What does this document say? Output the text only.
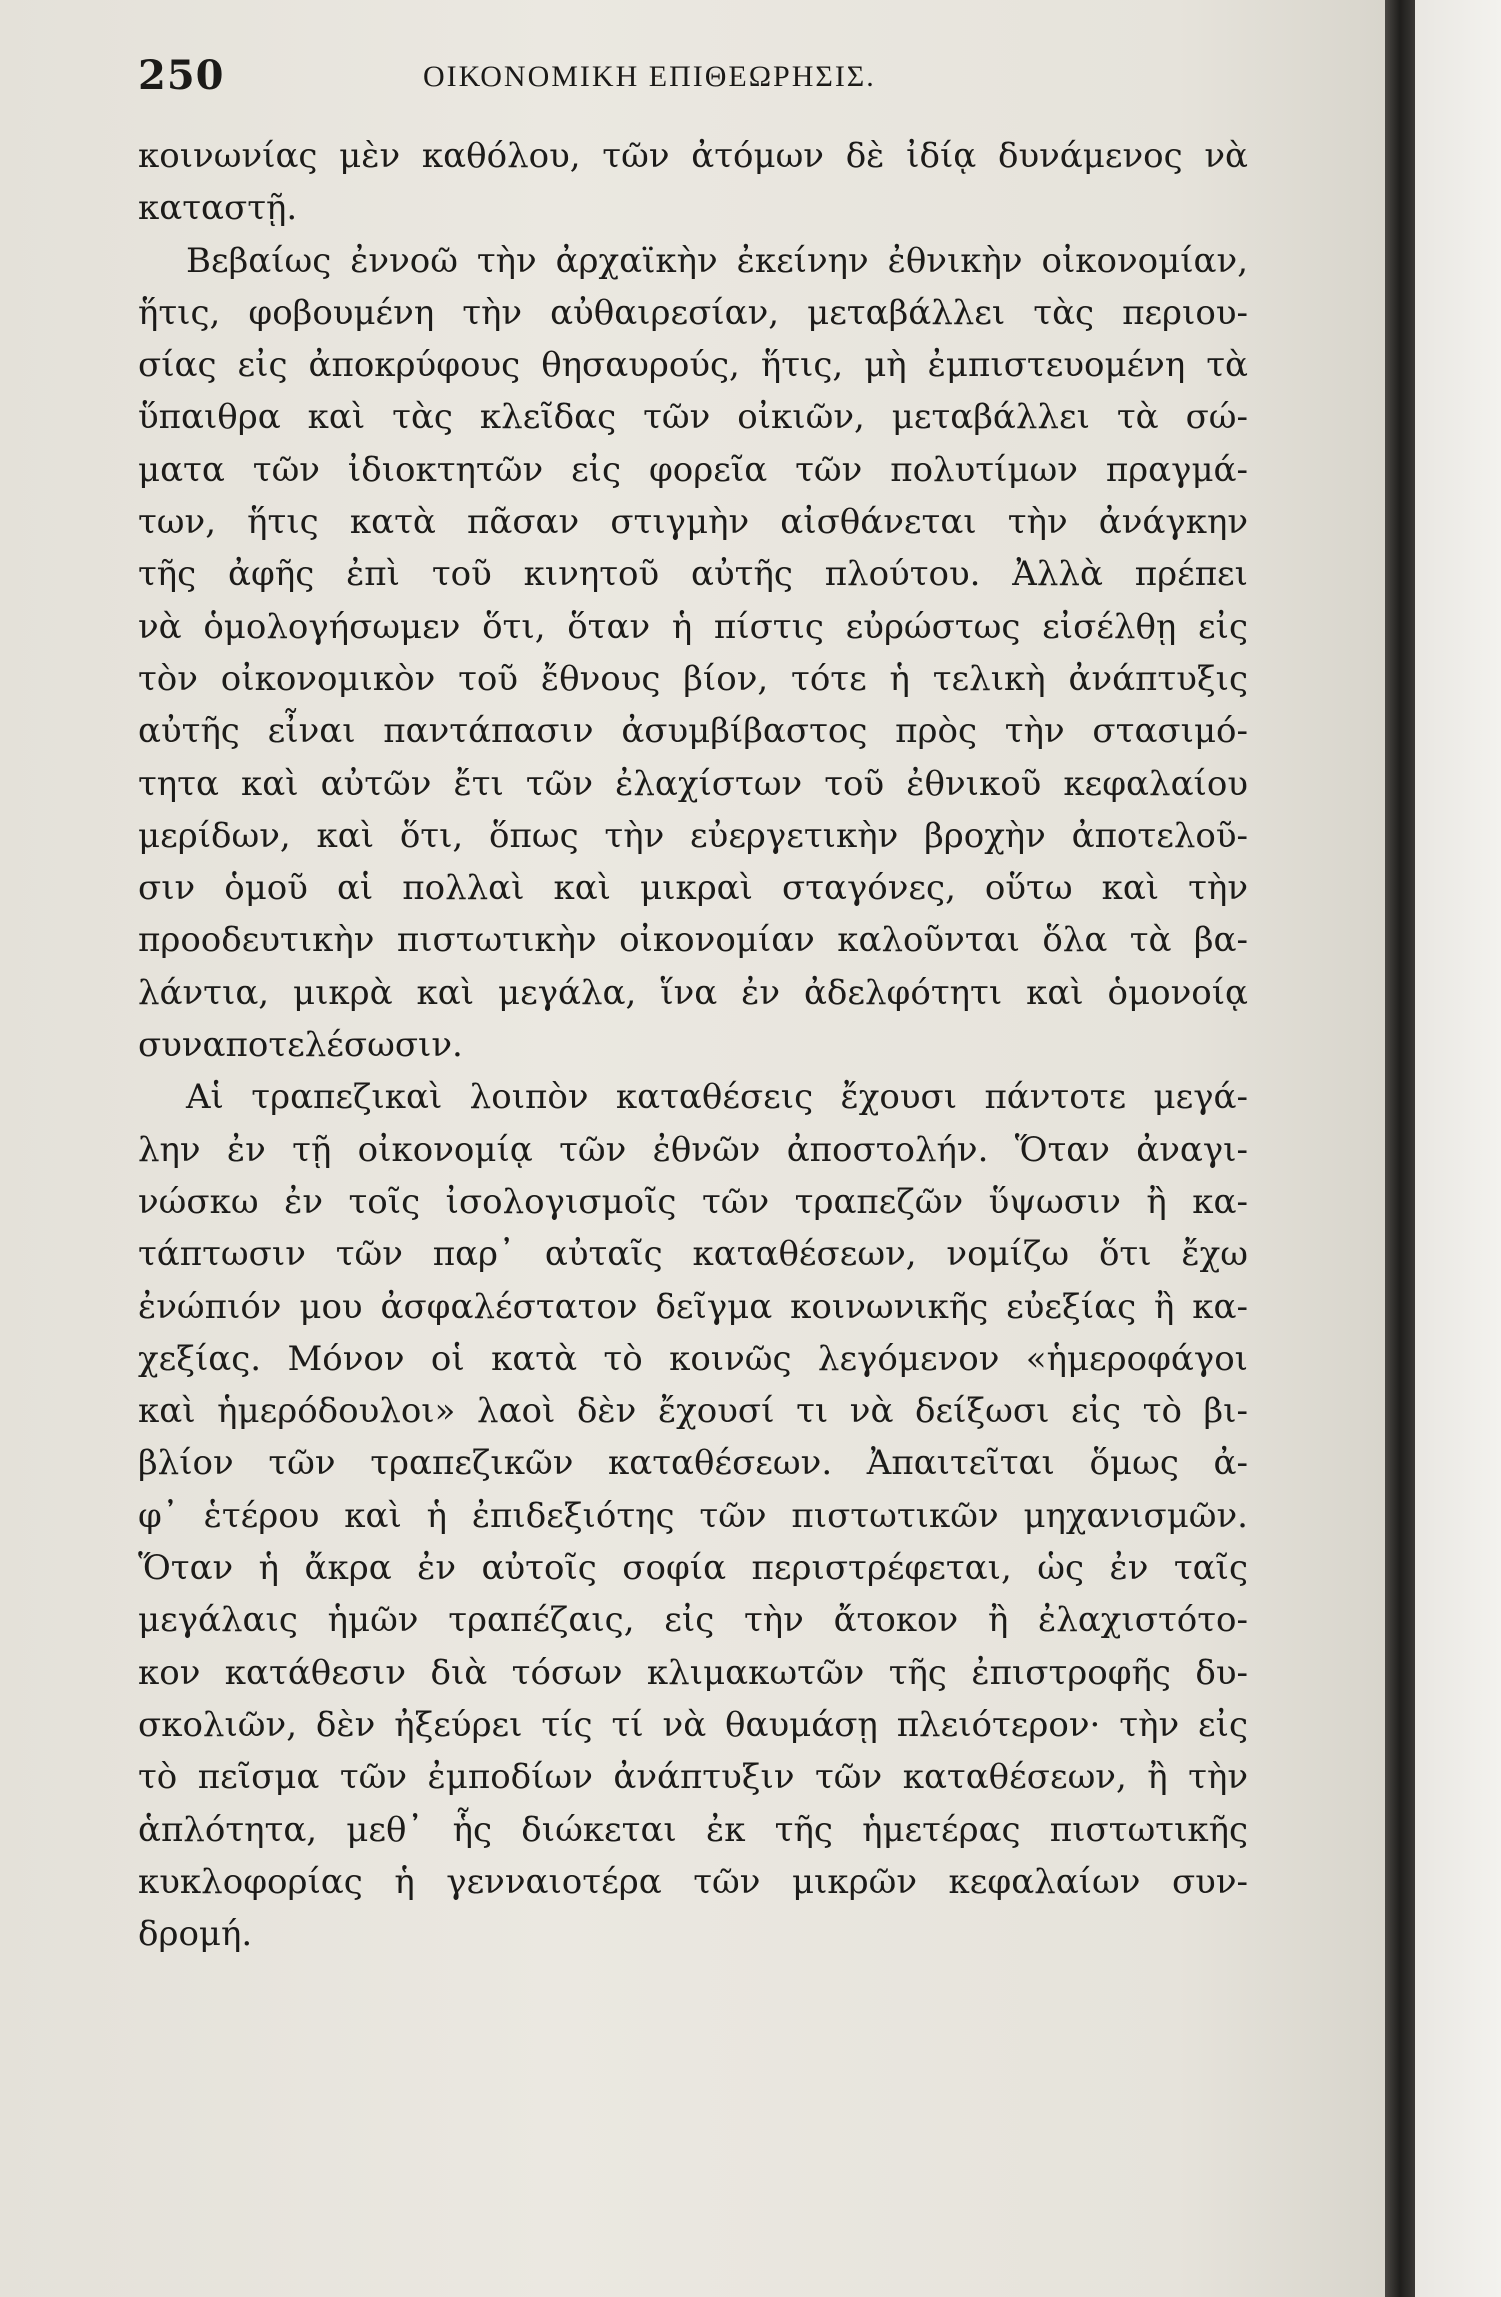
250	ΟΙΚΟΝΟΜΙΚΗ ΕΠΙΘΕΩΡΗΣΙΣ.
κοινωνίας μὲν καθόλου, τῶν ἀτόμων δὲ ἰδίᾳ δυνάμενος νὰ
καταστῇ.
Βεβαίως ἐννοῶ τὴν ἀρχαϊκὴν ἐκείνην ἐθνικὴν οἰκονομίαν,
ἥτις, φοβουμένη τὴν αὐθαιρεσίαν, μεταβάλλει τὰς περιου-
σίας εἰς ἀποκρύφους θησαυρούς, ἥτις, μὴ ἐμπιστευομένη τὰ
ὕπαιθρα καὶ τὰς κλεῖδας τῶν οἰκιῶν, μεταβάλλει τὰ σώ-
ματα τῶν ἰδιοκτητῶν εἰς φορεῖα τῶν πολυτίμων πραγμά-
των, ἥτις κατὰ πᾶσαν στιγμὴν αἰσθάνεται τὴν ἀνάγκην
τῆς ἀφῆς ἐπὶ τοῦ κινητοῦ αὐτῆς πλούτου. Ἀλλὰ πρέπει
νὰ ὁμολογήσωμεν ὅτι, ὅταν ἡ πίστις εὐρώστως εἰσέλθῃ εἰς
τὸν οἰκονομικὸν τοῦ ἔθνους βίον, τότε ἡ τελικὴ ἀνάπτυξις
αὐτῆς εἶναι παντάπασιν ἀσυμβίβαστος πρὸς τὴν στασιμό-
τητα καὶ αὐτῶν ἔτι τῶν ἐλαχίστων τοῦ ἐθνικοῦ κεφαλαίου
μερίδων, καὶ ὅτι, ὅπως τὴν εὐεργετικὴν βροχὴν ἀποτελοῦ-
σιν ὁμοῦ αἱ πολλαὶ καὶ μικραὶ σταγόνες, οὕτω καὶ τὴν
προοδευτικὴν πιστωτικὴν οἰκονομίαν καλοῦνται ὅλα τὰ βα-
λάντια, μικρὰ καὶ μεγάλα, ἵνα ἐν ἀδελφότητι καὶ ὁμονοίᾳ
συναποτελέσωσιν.
Αἱ τραπεζικαὶ λοιπὸν καταθέσεις ἔχουσι πάντοτε μεγά-
λην ἐν τῇ οἰκονομίᾳ τῶν ἐθνῶν ἀποστολήν. Ὅταν ἀναγι-
νώσκω ἐν τοῖς ἰσολογισμοῖς τῶν τραπεζῶν ὕψωσιν ἢ κα-
τάπτωσιν τῶν παρ᾽ αὐταῖς καταθέσεων, νομίζω ὅτι ἔχω
ἐνώπιόν μου ἀσφαλέστατον δεῖγμα κοινωνικῆς εὐεξίας ἢ κα-
χεξίας. Μόνον οἱ κατὰ τὸ κοινῶς λεγόμενον «ἡμεροφάγοι
καὶ ἡμερόδουλοι» λαοὶ δὲν ἔχουσί τι νὰ δείξωσι εἰς τὸ βι-
βλίον τῶν τραπεζικῶν καταθέσεων. Ἀπαιτεῖται ὅμως ἀ-
φ᾽ ἑτέρου καὶ ἡ ἐπιδεξιότης τῶν πιστωτικῶν μηχανισμῶν.
Ὅταν ἡ ἄκρα ἐν αὐτοῖς σοφία περιστρέφεται, ὡς ἐν ταῖς
μεγάλαις ἡμῶν τραπέζαις, εἰς τὴν ἄτοκον ἢ ἐλαχιστότο-
κον κατάθεσιν διὰ τόσων κλιμακωτῶν τῆς ἐπιστροφῆς δυ-
σκολιῶν, δὲν ἠξεύρει τίς τί νὰ θαυμάσῃ πλειότερον· τὴν εἰς
τὸ πεῖσμα τῶν ἐμποδίων ἀνάπτυξιν τῶν καταθέσεων, ἢ τὴν
ἁπλότητα, μεθ᾽ ἧς διώκεται ἐκ τῆς ἡμετέρας πιστωτικῆς
κυκλοφορίας ἡ γενναιοτέρα τῶν μικρῶν κεφαλαίων συν-
δρομή.
